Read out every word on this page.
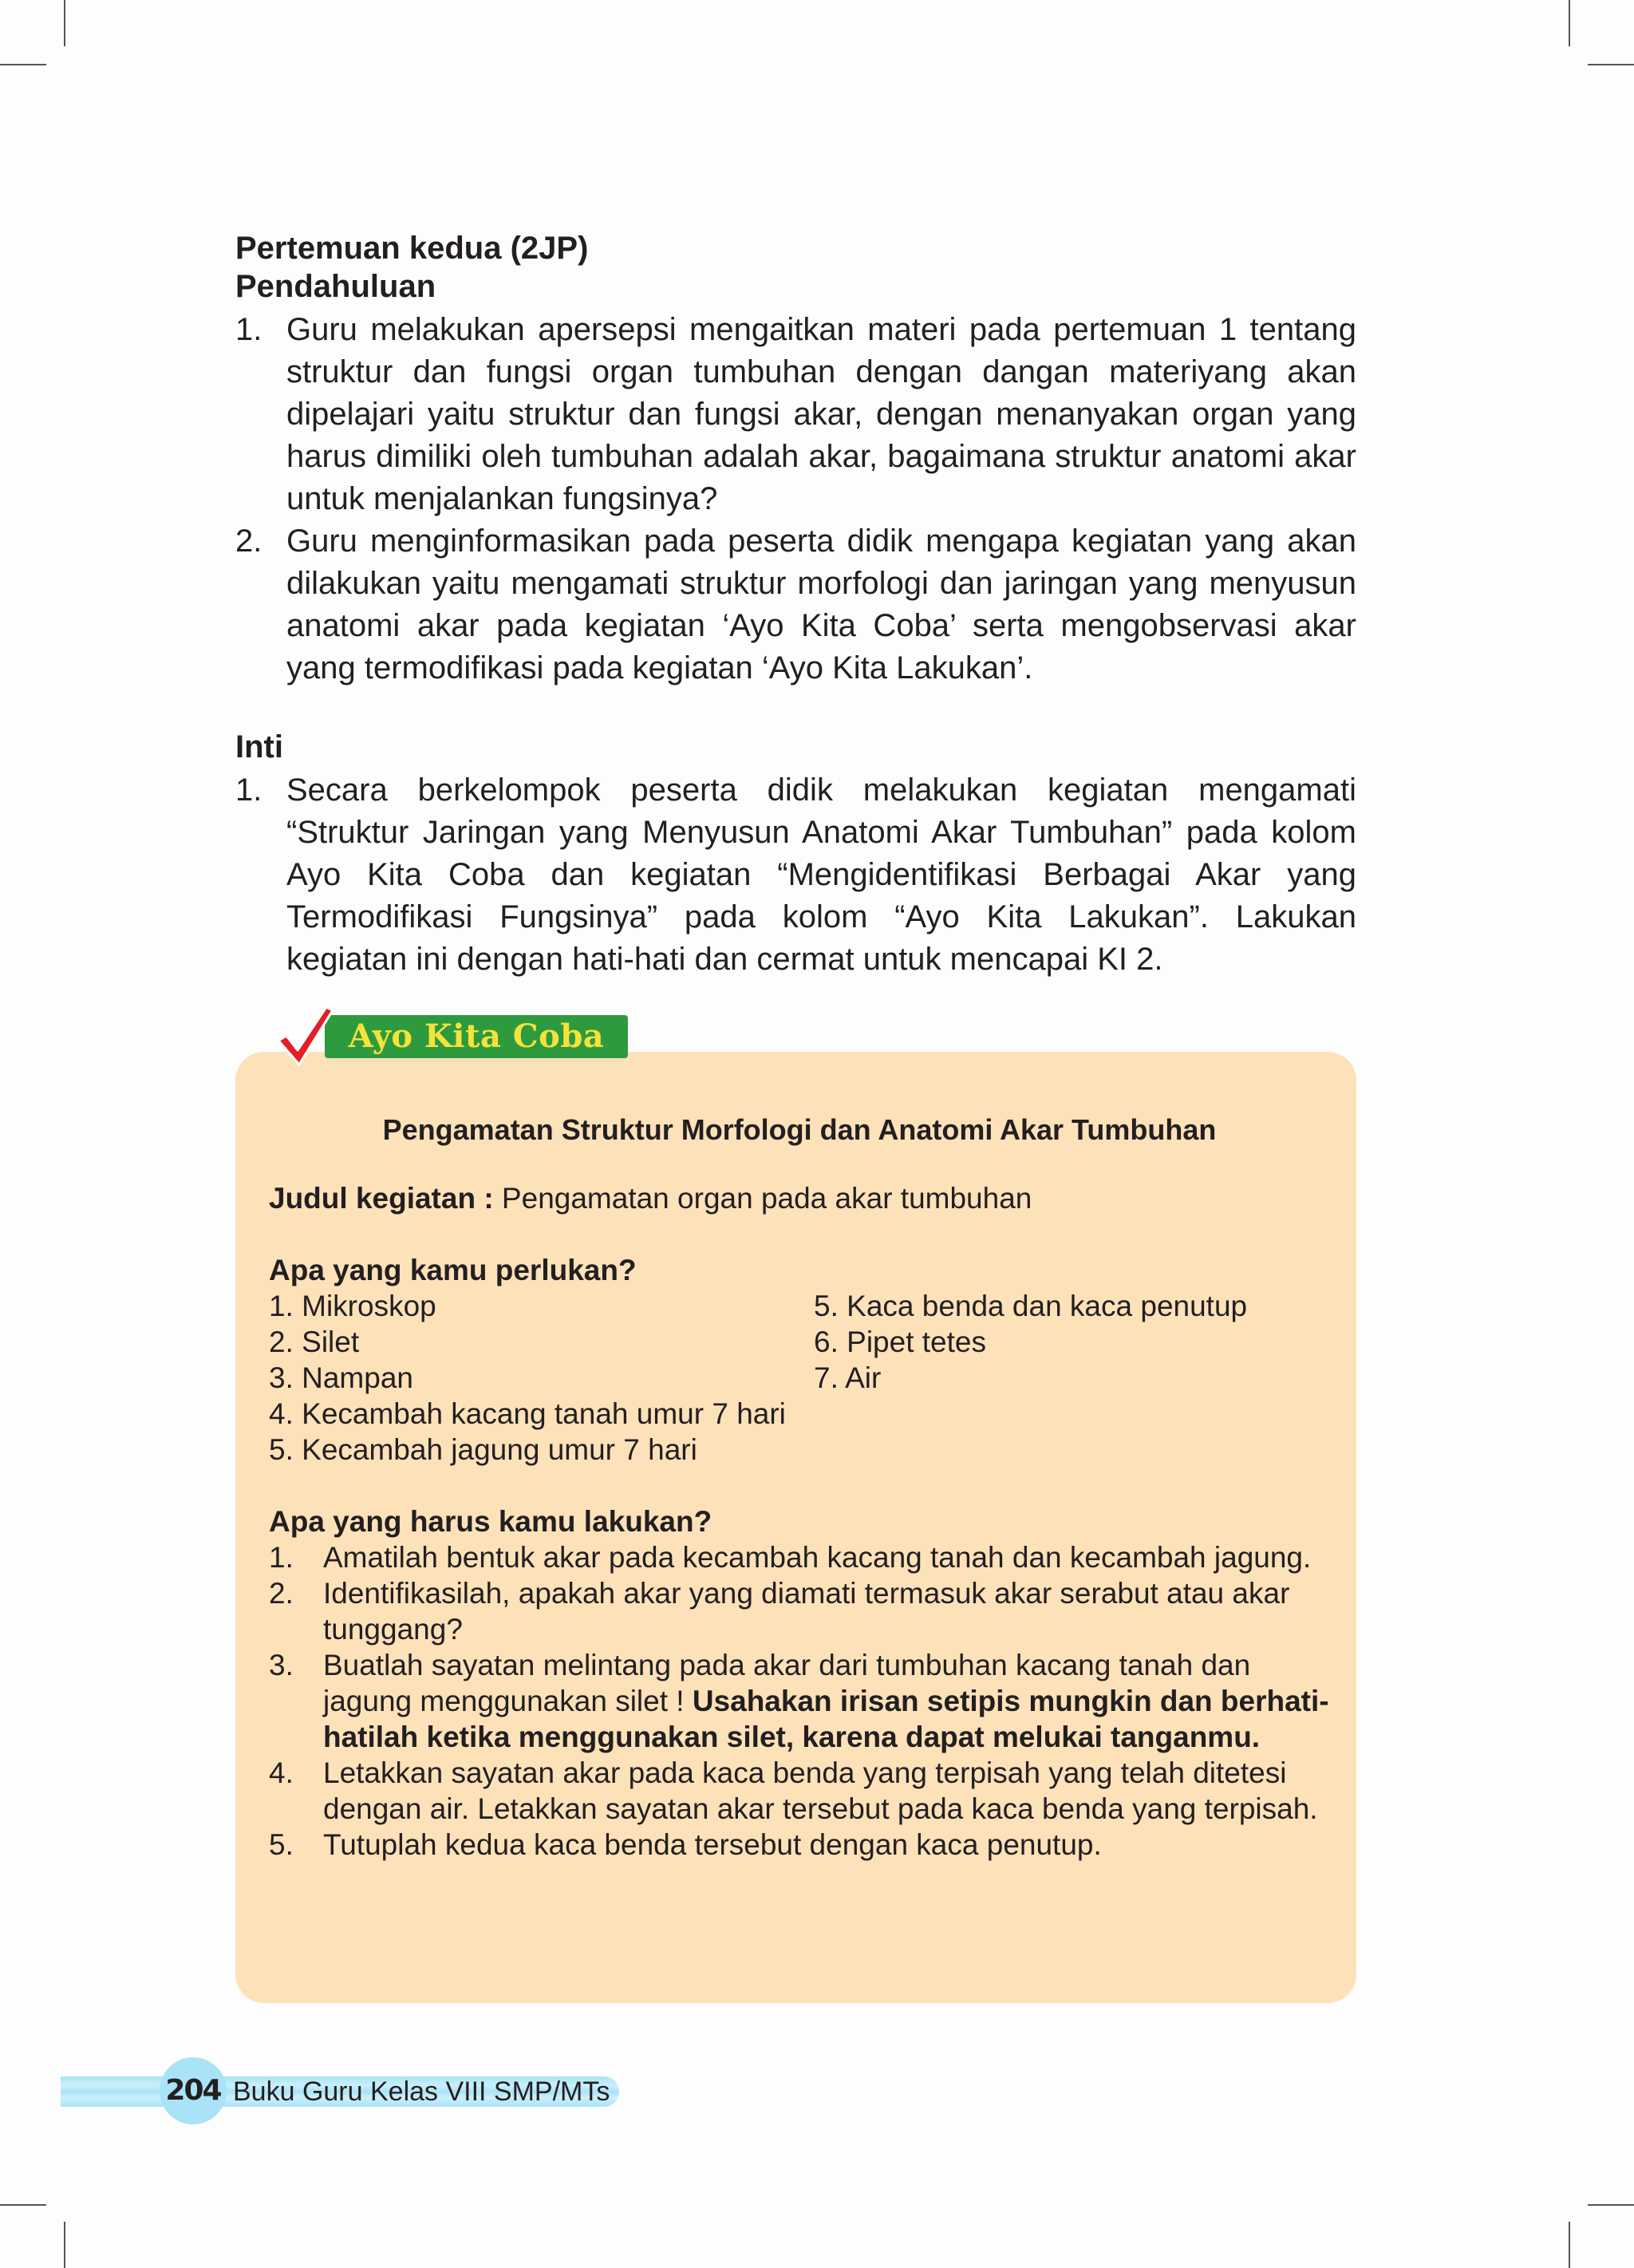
Pertemuan kedua (2JP)

Pendahuluan

1. Guru melakukan apersepsi mengaitkan materi pada pertemuan 1 tentang struktur dan fungsi organ tumbuhan dengan dangan materiyang akan dipelajari yaitu struktur dan fungsi akar, dengan menanyakan organ yang harus dimiliki oleh tumbuhan adalah akar, bagaimana struktur anatomi akar untuk menjalankan fungsinya?
2. Guru menginformasikan pada peserta didik mengapa kegiatan yang akan dilakukan yaitu mengamati struktur morfologi dan jaringan yang menyusun anatomi akar pada kegiatan ‘Ayo Kita Coba’ serta mengobservasi akar yang termodifikasi pada kegiatan ‘Ayo Kita Lakukan’.

Inti

1. Secara berkelompok peserta didik melakukan kegiatan mengamati “Struktur Jaringan yang Menyusun Anatomi Akar Tumbuhan” pada kolom Ayo Kita Coba dan kegiatan “Mengidentifikasi Berbagai Akar yang Termodifikasi Fungsinya” pada kolom “Ayo Kita Lakukan”. Lakukan kegiatan ini dengan hati-hati dan cermat untuk mencapai KI 2.

Pengamatan Struktur Morfologi dan Anatomi Akar Tumbuhan

Judul kegiatan : Pengamatan organ pada akar tumbuhan
Apa yang kamu perlukan?
1. Mikroskop
2. Silet
3. Nampan
4. Kecambah kacang tanah umur 7 hari
5. Kecambah jagung umur 7 hari
5. Kaca benda dan kaca penutup
6. Pipet tetes
7. Air
Apa yang harus kamu lakukan?
1. Amatilah bentuk akar pada kecambah kacang tanah dan kecambah jagung.
2. Identifikasilah, apakah akar yang diamati termasuk akar serabut atau akar tunggang?
3. Buatlah sayatan melintang pada akar dari tumbuhan kacang tanah dan jagung menggunakan silet ! Usahakan irisan setipis mungkin dan berhati-hatilah ketika menggunakan silet, karena dapat melukai tanganmu.
4. Letakkan sayatan akar pada kaca benda yang terpisah yang telah ditetesi dengan air. Letakkan sayatan akar tersebut pada kaca benda yang terpisah.
5. Tutuplah kedua kaca benda tersebut dengan kaca penutup.
Ayo Kita Coba
204 Buku Guru Kelas VIII SMP/MTs
